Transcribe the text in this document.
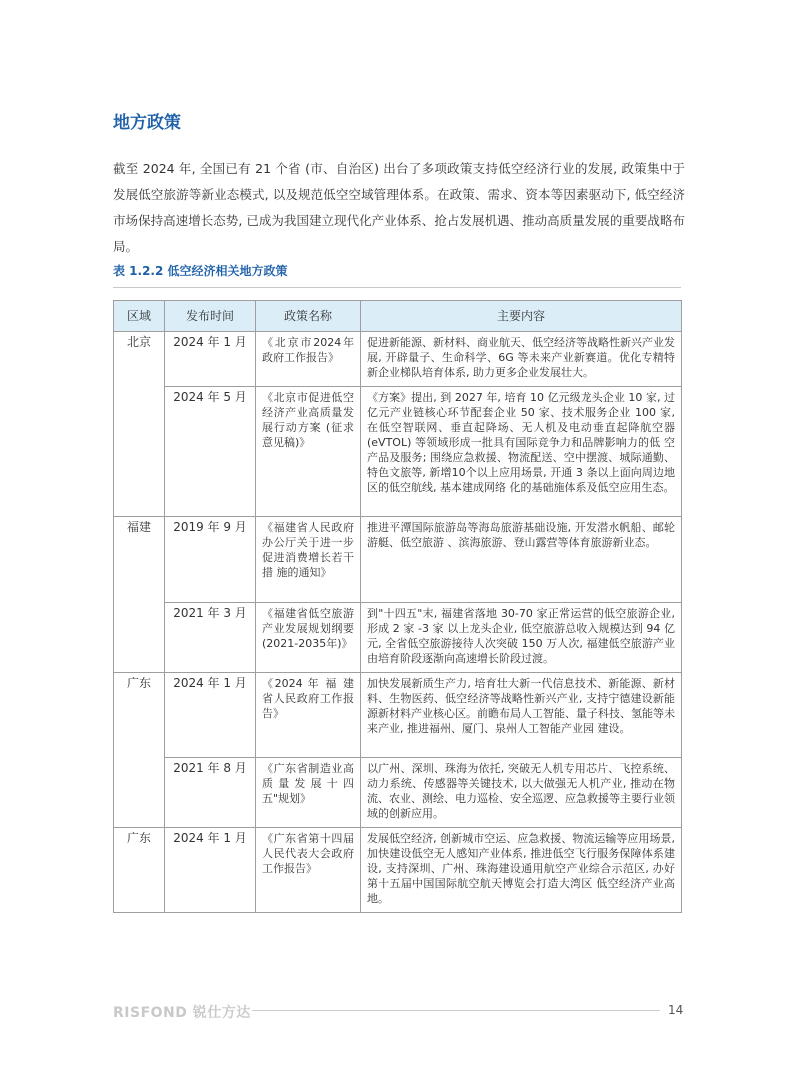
地方政策

截至 2024 年, 全国已有 21 个省 (市、自治区) 出台了多项政策支持低空经济行业的发展, 政策集中于发展低空旅游等新业态模式, 以及规范低空空域管理体系。在政策、需求、资本等因素驱动下, 低空经济市场保持高速增长态势, 已成为我国建立现代化产业体系、抢占发展机遇、推动高质量发展的重要战略布局。

表 1.2.2 低空经济相关地方政策
区域	发布时间	政策名称	主要内容
北京	2024 年 1 月	《北京市2024年政府工作报告》	促进新能源、新材料、商业航天、低空经济等战略性新兴产业发展, 开辟量子、生命科学、6G 等未来产业新赛道。优化专精特新企业梯队培育体系, 助力更多企业发展壮大。
	2024 年 5 月	《北京市促进低空经济产业高质量发展行动方案 (征求意见稿)》	《方案》提出, 到 2027 年, 培育 10 亿元级龙头企业 10 家, 过亿元产业链核心环节配套企业 50 家、技术服务企业 100 家, 在低空智联网、垂直起降场、无人机及电动垂直起降航空器 (eVTOL) 等领域形成一批具有国际竞争力和品牌影响力的低 空产品及服务; 围绕应急救援、物流配送、空中摆渡、城际通勤、特色文旅等, 新增10个以上应用场景, 开通 3 条以上面向周边地区的低空航线, 基本建成网络 化的基础施体系及低空应用生态。
福建	2019 年 9 月	《福建省人民政府办公厅关于进一步促进消费增长若干措 施的通知》	推进平潭国际旅游岛等海岛旅游基础设施, 开发潜水帆船、邮轮游艇、低空旅游 、滨海旅游、登山露营等体育旅游新业态。
	2021 年 3 月	《福建省低空旅游产业发展规划纲要 (2021-2035年)》	到"十四五"末, 福建省落地 30-70 家正常运营的低空旅游企业, 形成 2 家 -3 家 以上龙头企业, 低空旅游总收入规模达到 94 亿元, 全省低空旅游接待人次突破 150 万人次, 福建低空旅游产业由培育阶段逐渐向高速增长阶段过渡。
广东	2024 年 1 月	《2024 年 福 建 省人民政府工作报告》	加快发展新质生产力, 培育壮大新一代信息技术、新能源、新材料、生物医药、低空经济等战略性新兴产业, 支持宁德建设新能源新材料产业核心区。前瞻布局人工智能、量子科技、氢能等未来产业, 推进福州、厦门、泉州人工智能产业园 建设。
	2021 年 8 月	《广东省制造业高质量发展十四五"规划》	以广州、深圳、珠海为依托, 突破无人机专用芯片、飞控系统、动力系统、传感器等关键技术, 以大做强无人机产业, 推动在物流、农业、测绘、电力巡检、安全巡逻、应急救援等主要行业领域的创新应用。
广东	2024 年 1 月	《广东省第十四届人民代表大会政府工作报告》	发展低空经济, 创新城市空运、应急救援、物流运输等应用场景, 加快建设低空无人感知产业体系, 推进低空飞行服务保障体系建设, 支持深圳、广州、珠海建设通用航空产业综合示范区, 办好第十五届中国国际航空航天博览会打造大湾区 低空经济产业高地。
RISFOND 锐仕方达	14
